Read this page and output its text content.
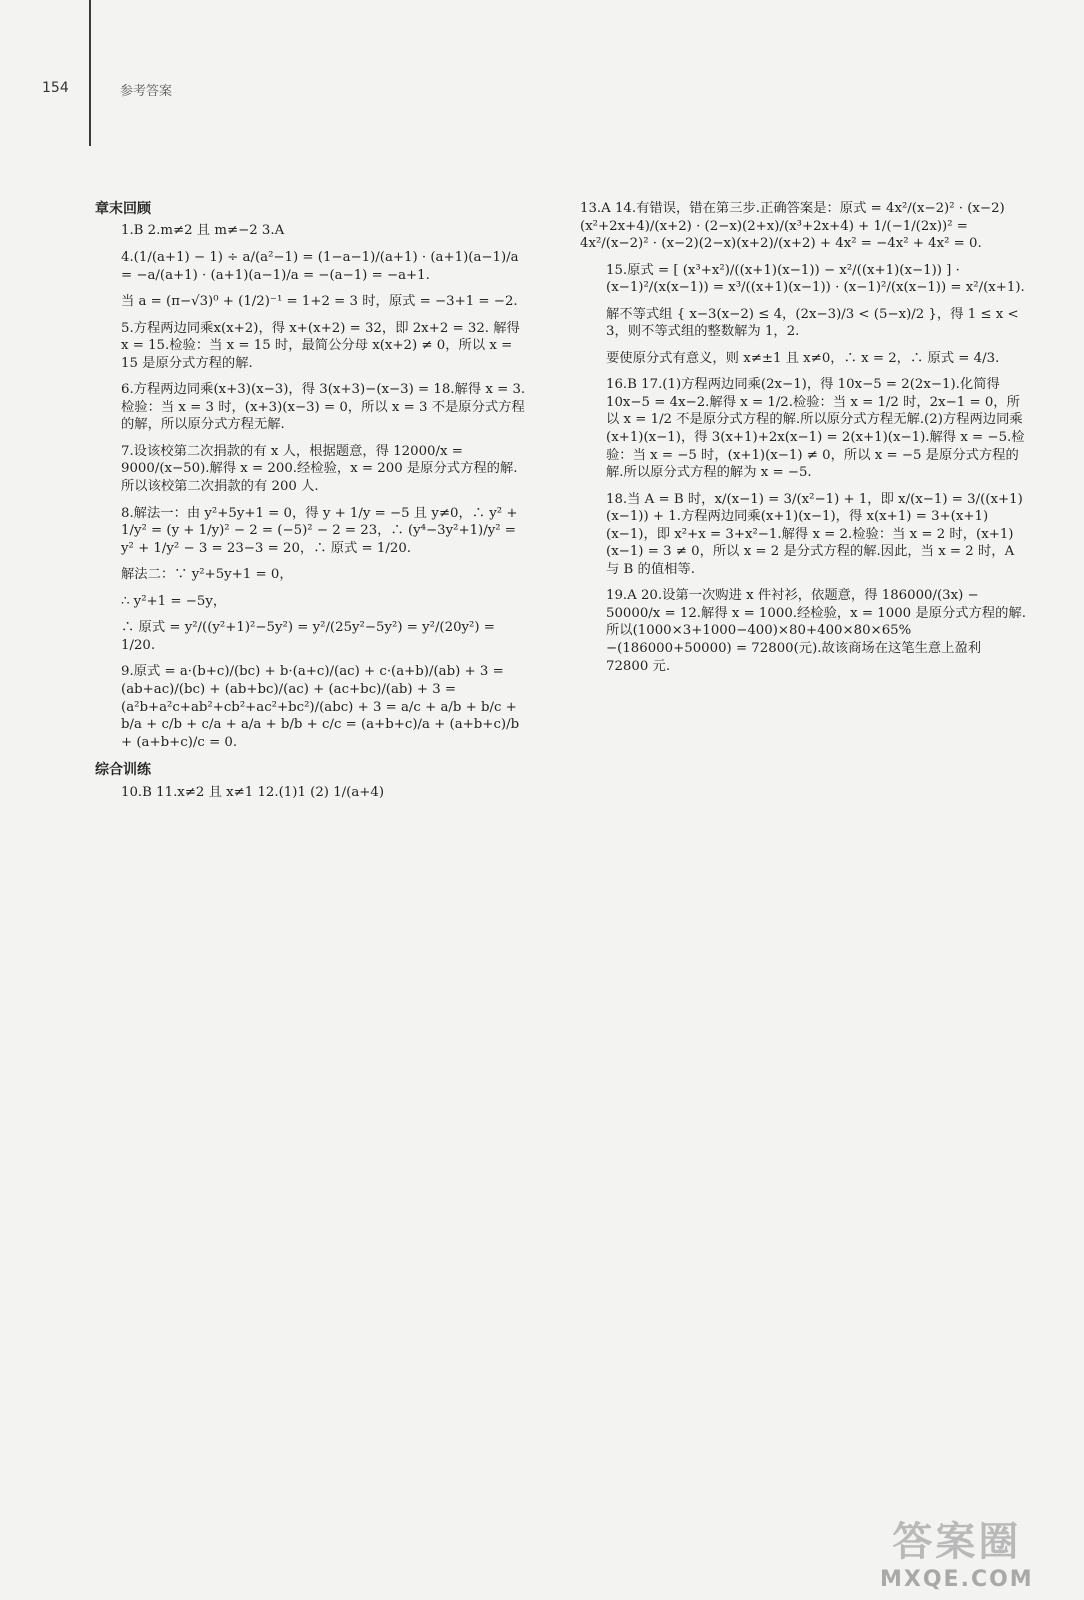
154	参考答案
章末回顾
1.B 2.m≠2 且 m≠−2 3.A
4.(1/(a+1) − 1) ÷ a/(a²−1) = (1−a−1)/(a+1) · (a+1)(a−1)/a = −a/(a+1) · (a+1)(a−1)/a = −(a−1) = −a+1.
当 a = (π−√3)⁰ + (1/2)⁻¹ = 1+2 = 3 时，原式 = −3+1 = −2.
5.方程两边同乘x(x+2)，得 x+(x+2) = 32，即 2x+2 = 32. 解得 x = 15.检验：当 x = 15 时，最简公分母 x(x+2) ≠ 0，所以 x = 15 是原分式方程的解.
6.方程两边同乘(x+3)(x−3)，得 3(x+3)−(x−3) = 18.解得 x = 3.检验：当 x = 3 时，(x+3)(x−3) = 0，所以 x = 3 不是原分式方程的解，所以原分式方程无解.
7.设该校第二次捐款的有 x 人，根据题意，得 12000/x = 9000/(x−50).解得 x = 200.经检验，x = 200 是原分式方程的解.所以该校第二次捐款的有 200 人.
8.解法一：由 y²+5y+1 = 0，得 y + 1/y = −5 且 y≠0，∴ y² + 1/y² = (y + 1/y)² − 2 = (−5)² − 2 = 23，∴ (y⁴−3y²+1)/y² = y² + 1/y² − 3 = 23−3 = 20，∴ 原式 = 1/20.
解法二：∵ y²+5y+1 = 0，
∴ y²+1 = −5y，
∴ 原式 = y²/((y²+1)²−5y²) = y²/(25y²−5y²) = y²/(20y²) = 1/20.
9.原式 = a·(b+c)/(bc) + b·(a+c)/(ac) + c·(a+b)/(ab) + 3 = (ab+ac)/(bc) + (ab+bc)/(ac) + (ac+bc)/(ab) + 3 = (a²b+a²c+ab²+cb²+ac²+bc²)/(abc) + 3 = a/c + a/b + b/c + b/a + c/b + c/a + a/a + b/b + c/c = (a+b+c)/a + (a+b+c)/b + (a+b+c)/c = 0.
综合训练
10.B 11.x≠2 且 x≠1 12.(1)1 (2) 1/(a+4)
13.A 14.有错误，错在第三步.正确答案是：原式 = 4x²/(x−2)² · (x−2)(x²+2x+4)/(x+2) · (2−x)(2+x)/(x³+2x+4) + 1/(−1/(2x))² = 4x²/(x−2)² · (x−2)(2−x)(x+2)/(x+2) + 4x² = −4x² + 4x² = 0.
15.原式 = [ (x³+x²)/((x+1)(x−1)) − x²/((x+1)(x−1)) ] · (x−1)²/(x(x−1)) = x³/((x+1)(x−1)) · (x−1)²/(x(x−1)) = x²/(x+1).
解不等式组 { x−3(x−2) ≤ 4，(2x−3)/3 < (5−x)/2 }，得 1 ≤ x < 3，则不等式组的整数解为 1，2.
要使原分式有意义，则 x≠±1 且 x≠0，∴ x = 2，∴ 原式 = 4/3.
16.B 17.(1)方程两边同乘(2x−1)，得 10x−5 = 2(2x−1).化简得 10x−5 = 4x−2.解得 x = 1/2.检验：当 x = 1/2 时，2x−1 = 0，所以 x = 1/2 不是原分式方程的解.所以原分式方程无解.(2)方程两边同乘(x+1)(x−1)，得 3(x+1)+2x(x−1) = 2(x+1)(x−1).解得 x = −5.检验：当 x = −5 时，(x+1)(x−1) ≠ 0，所以 x = −5 是原分式方程的解.所以原分式方程的解为 x = −5.
18.当 A = B 时，x/(x−1) = 3/(x²−1) + 1，即 x/(x−1) = 3/((x+1)(x−1)) + 1.方程两边同乘(x+1)(x−1)，得 x(x+1) = 3+(x+1)(x−1)，即 x²+x = 3+x²−1.解得 x = 2.检验：当 x = 2 时，(x+1)(x−1) = 3 ≠ 0，所以 x = 2 是分式方程的解.因此，当 x = 2 时，A 与 B 的值相等.
19.A 20.设第一次购进 x 件衬衫，依题意，得 186000/(3x) − 50000/x = 12.解得 x = 1000.经检验，x = 1000 是原分式方程的解.所以(1000×3+1000−400)×80+400×80×65%−(186000+50000) = 72800(元).故该商场在这笔生意上盈利 72800 元.
答案圈
MXQE.COM
